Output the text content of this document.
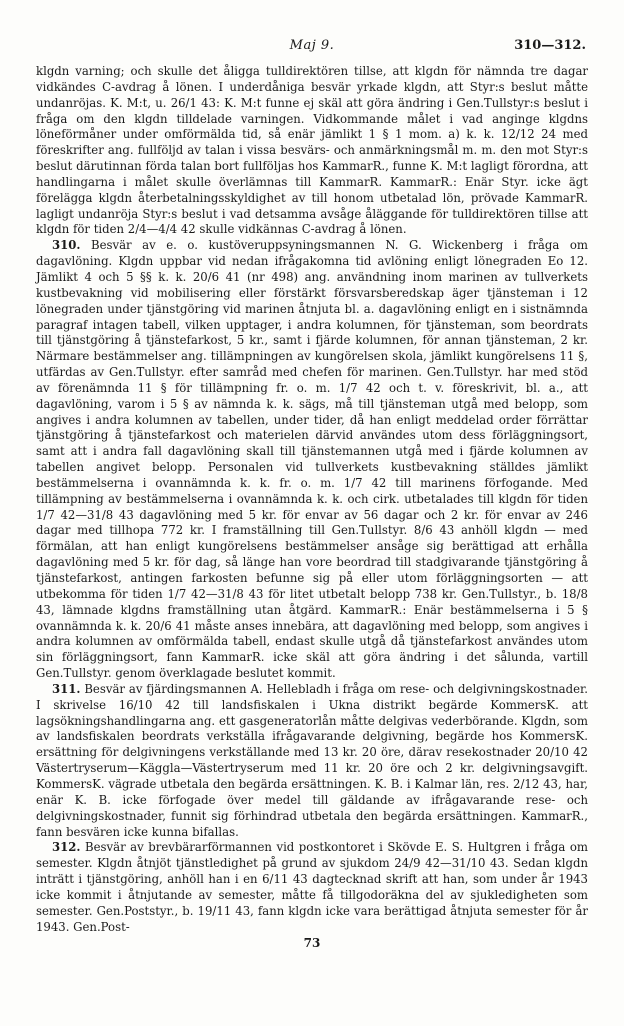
Maj 9.	310—312.

klgdn varning; och skulle det åligga tulldirektören tillse, att klgdn för nämnda tre dagar vidkändes C-avdrag å lönen. I underdåniga besvär yrkade klgdn, att Styr:s beslut måtte undanröjas. K. M:t, u. 26/1 43: K. M:t funne ej skäl att göra ändring i Gen.Tullstyr:s beslut i fråga om den klgdn tilldelade varningen. Vidkommande målet i vad anginge klgdns löneförmåner under omförmälda tid, så enär jämlikt 1 § 1 mom. a) k. k. 12/12 24 med föreskrifter ang. fullföljd av talan i vissa besvärs- och anmärkningsmål m. m. den mot Styr:s beslut därutinnan förda talan bort fullföljas hos KammarR., funne K. M:t lagligt förordna, att handlingarna i målet skulle överlämnas till KammarR. KammarR.: Enär Styr. icke ägt förelägga klgdn återbetalningsskyldighet av till honom utbetalad lön, prövade KammarR. lagligt undanröja Styr:s beslut i vad detsamma avsåge åläggande för tulldirektören tillse att klgdn för tiden 2/4—4/4 42 skulle vidkännas C-avdrag å lönen.

310. Besvär av e. o. kustöveruppsyningsmannen N. G. Wickenberg i fråga om dagavlöning. Klgdn uppbar vid nedan ifrågakomna tid avlöning enligt lönegraden Eo 12. Jämlikt 4 och 5 §§ k. k. 20/6 41 (nr 498) ang. användning inom marinen av tullverkets kustbevakning vid mobilisering eller förstärkt försvarsberedskap äger tjänsteman i 12 lönegraden under tjänstgöring vid marinen åtnjuta bl. a. dagavlöning enligt en i sistnämnda paragraf intagen tabell, vilken upptager, i andra kolumnen, för tjänsteman, som beordrats till tjänstgöring å tjänstefarkost, 5 kr., samt i fjärde kolumnen, för annan tjänsteman, 2 kr. Närmare bestämmelser ang. tillämpningen av kungörelsen skola, jämlikt kungörelsens 11 §, utfärdas av Gen.Tullstyr. efter samråd med chefen för marinen. Gen.Tullstyr. har med stöd av förenämnda 11 § för tillämpning fr. o. m. 1/7 42 och t. v. föreskrivit, bl. a., att dagavlöning, varom i 5 § av nämnda k. k. sägs, må till tjänsteman utgå med belopp, som angives i andra kolumnen av tabellen, under tider, då han enligt meddelad order förrättar tjänstgöring å tjänstefarkost och materielen därvid användes utom dess förläggningsort, samt att i andra fall dagavlöning skall till tjänstemannen utgå med i fjärde kolumnen av tabellen angivet belopp. Personalen vid tullverkets kustbevakning ställdes jämlikt bestämmelserna i ovannämnda k. k. fr. o. m. 1/7 42 till marinens förfogande. Med tillämpning av bestämmelserna i ovannämnda k. k. och cirk. utbetalades till klgdn för tiden 1/7 42—31/8 43 dagavlöning med 5 kr. för envar av 56 dagar och 2 kr. för envar av 246 dagar med tillhopa 772 kr. I framställning till Gen.Tullstyr. 8/6 43 anhöll klgdn — med förmälan, att han enligt kungörelsens bestämmelser ansåge sig berättigad att erhålla dagavlöning med 5 kr. för dag, så länge han vore beordrad till stadgivarande tjänstgöring å tjänstefarkost, antingen farkosten befunne sig på eller utom förläggningsorten — att utbekomma för tiden 1/7 42—31/8 43 för litet utbetalt belopp 738 kr. Gen.Tullstyr., b. 18/8 43, lämnade klgdns framställning utan åtgärd. KammarR.: Enär bestämmelserna i 5 § ovannämnda k. k. 20/6 41 måste anses innebära, att dagavlöning med belopp, som angives i andra kolumnen av omförmälda tabell, endast skulle utgå då tjänstefarkost användes utom sin förläggningsort, fann KammarR. icke skäl att göra ändring i det sålunda, vartill Gen.Tullstyr. genom överklagade beslutet kommit.

311. Besvär av fjärdingsmannen A. Hellebladh i fråga om rese- och delgivningskostnader. I skrivelse 16/10 42 till landsfiskalen i Ukna distrikt begärde KommersK. att lagsökningshandlingarna ang. ett gasgeneratorlån måtte delgivas vederbörande. Klgdn, som av landsfiskalen beordrats verkställa ifrågavarande delgivning, begärde hos KommersK. ersättning för delgivningens verkställande med 13 kr. 20 öre, därav resekostnader 20/10 42 Västertryserum—Käggla—Västertryserum med 11 kr. 20 öre och 2 kr. delgivningsavgift. KommersK. vägrade utbetala den begärda ersättningen. K. B. i Kalmar län, res. 2/12 43, har, enär K. B. icke förfogade över medel till gäldande av ifrågavarande rese- och delgivningskostnader, funnit sig förhindrad utbetala den begärda ersättningen. KammarR., fann besvären icke kunna bifallas.

312. Besvär av brevbärarförmannen vid postkontoret i Skövde E. S. Hultgren i fråga om semester. Klgdn åtnjöt tjänstledighet på grund av sjukdom 24/9 42—31/10 43. Sedan klgdn inträtt i tjänstgöring, anhöll han i en 6/11 43 dagtecknad skrift att han, som under år 1943 icke kommit i åtnjutande av semester, måtte få tillgodoräkna del av sjukledigheten som semester. Gen.Poststyr., b. 19/11 43, fann klgdn icke vara berättigad åtnjuta semester för år 1943. Gen.Post-

73
